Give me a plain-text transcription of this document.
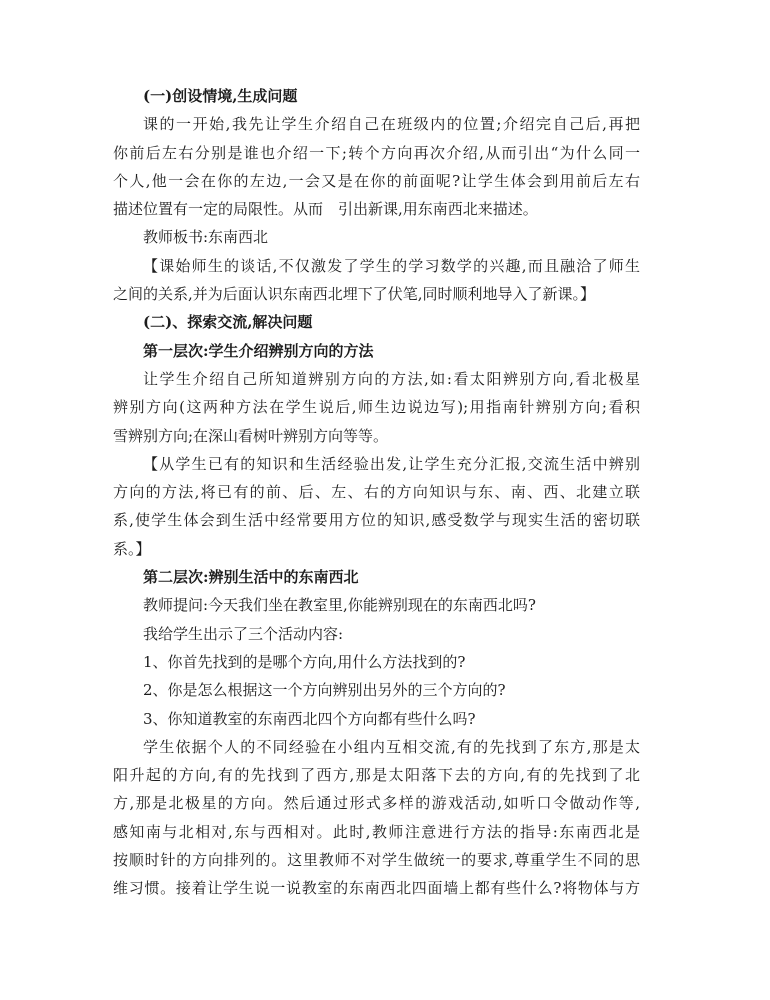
(一)创设情境,生成问题
课的一开始,我先让学生介绍自己在班级内的位置;介绍完自己后,再把
你前后左右分别是谁也介绍一下;转个方向再次介绍,从而引出“为什么同一
个人,他一会在你的左边,一会又是在你的前面呢?让学生体会到用前后左右
描述位置有一定的局限性。从而　引出新课,用东南西北来描述。
教师板书:东南西北
【课始师生的谈话,不仅激发了学生的学习数学的兴趣,而且融洽了师生
之间的关系,并为后面认识东南西北埋下了伏笔,同时顺利地导入了新课。】
(二)、探索交流,解决问题
第一层次:学生介绍辨别方向的方法
让学生介绍自己所知道辨别方向的方法,如:看太阳辨别方向,看北极星
辨别方向(这两种方法在学生说后,师生边说边写);用指南针辨别方向;看积
雪辨别方向;在深山看树叶辨别方向等等。
【从学生已有的知识和生活经验出发,让学生充分汇报,交流生活中辨别
方向的方法,将已有的前、后、左、右的方向知识与东、南、西、北建立联
系,使学生体会到生活中经常要用方位的知识,感受数学与现实生活的密切联
系。】
第二层次:辨别生活中的东南西北
教师提问:今天我们坐在教室里,你能辨别现在的东南西北吗?
我给学生出示了三个活动内容:
1、你首先找到的是哪个方向,用什么方法找到的?
2、你是怎么根据这一个方向辨别出另外的三个方向的?
3、你知道教室的东南西北四个方向都有些什么吗?
学生依据个人的不同经验在小组内互相交流,有的先找到了东方,那是太
阳升起的方向,有的先找到了西方,那是太阳落下去的方向,有的先找到了北
方,那是北极星的方向。然后通过形式多样的游戏活动,如听口令做动作等,
感知南与北相对,东与西相对。此时,教师注意进行方法的指导:东南西北是
按顺时针的方向排列的。这里教师不对学生做统一的要求,尊重学生不同的思
维习惯。接着让学生说一说教室的东南西北四面墙上都有些什么?将物体与方
